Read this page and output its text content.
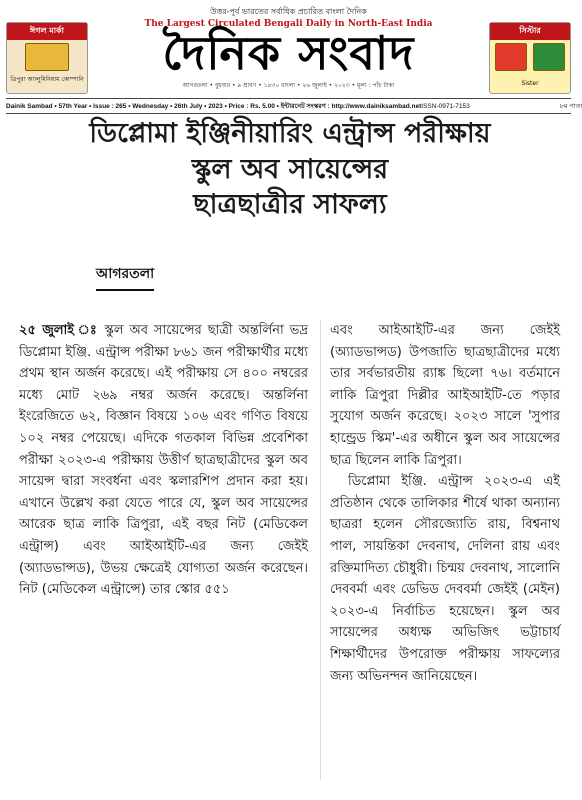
ঈগল মার্কা
ত্রিপুরা অ্যালুমিনিয়াম কোম্পানি
উত্তর-পূর্ব ভারতের সর্বাধিক প্রচারিত বাংলা দৈনিক
The Largest Circulated Bengali Daily in North-East India
দৈনিক সংবাদ
আগরতলা • বুধবার • ৯ শ্রাবণ • ১৪৩০ বাংলা • ২৬ জুলাই • ২০২৩ • মূল্য : পাঁচ টাকা
সিস্টার
Sister
Dainik Sambad • 57th Year • Issue : 265 • Wednesday • 26th July • 2023 • Price : Rs. 5.00 • ইন্টারনেট সংস্করণ : http://www.dainiksambad.net ISSN-0971-7153	৮ম পাতা
ডিপ্লোমা ইঞ্জিনীয়ারিং এন্ট্রান্স পরীক্ষায়
স্কুল অব সায়েন্সের
ছাত্রছাত্রীর সাফল্য
আগরতলা

২৫ জুলাই ঃ স্কুল অব সায়েন্সের ছাত্রী অন্তর্লিনা ভদ্র ডিপ্লোমা ইঞ্জি. এন্ট্রান্স পরীক্ষা ৮৬১ জন পরীক্ষার্থীর মধ্যে প্রথম স্থান অর্জন করেছে। এই পরীক্ষায় সে ৪০০ নম্বরের মধ্যে মোট ২৬৯ নম্বর অর্জন করেছে। অন্তর্লিনা ইংরেজিতে ৬২, বিজ্ঞান বিষয়ে ১০৬ এবং গণিত বিষয়ে ১০২ নম্বর পেয়েছে। এদিকে গতকাল বিভিন্ন প্রবেশিকা পরীক্ষা ২০২৩-এ পরীক্ষায় উত্তীর্ণ ছাত্রছাত্রীদের স্কুল অব সায়েন্স দ্বারা সংবর্ধনা এবং স্কলারশিপ প্রদান করা হয়। এখানে উল্লেখ করা যেতে পারে যে, স্কুল অব সায়েন্সের আরেক ছাত্র লাকি ত্রিপুরা, এই বছর নিট (মেডিকেল এন্ট্রান্স) এবং আইআইটি-এর জন্য জেইই (অ্যাডভান্সড), উভয় ক্ষেত্রেই যোগ্যতা অর্জন করেছেন। নিট (মেডিকেল এন্ট্রান্সে) তার স্কোর ৫৫১

এবং আইআইটি-এর জন্য জেইই (অ্যাডভান্সড) উপজাতি ছাত্রছাত্রীদের মধ্যে তার সর্বভারতীয় র‍্যাঙ্ক ছিলো ৭৬। বর্তমানে লাকি ত্রিপুরা দিল্লীর আইআইটি-তে পড়ার সুযোগ অর্জন করেছে। ২০২৩ সালে 'সুপার হান্ড্রেড স্কিম'-এর অধীনে স্কুল অব সায়েন্সের ছাত্র ছিলেন লাকি ত্রিপুরা।

ডিপ্লোমা ইঞ্জি. এন্ট্রান্স ২০২৩-এ এই প্রতিষ্ঠান থেকে তালিকার শীর্ষে থাকা অন্যান্য ছাত্ররা হলেন সৌরজ্যোতি রায়, বিশ্বনাথ পাল, সায়ন্তিকা দেবনাথ, দেলিনা রায় এবং রক্তিমাদিত্য চৌধুরী। চিন্ময় দেবনাথ, সালোনি দেববর্মা এবং ডেভিড দেববর্মা জেইই (মেইন) ২০২৩-এ নির্বাচিত হয়েছেন। স্কুল অব সায়েন্সের অধ্যক্ষ অভিজিৎ ভট্টাচার্য শিক্ষার্থীদের উপরোক্ত পরীক্ষায় সাফল্যের জন্য অভিনন্দন জানিয়েছেন।
